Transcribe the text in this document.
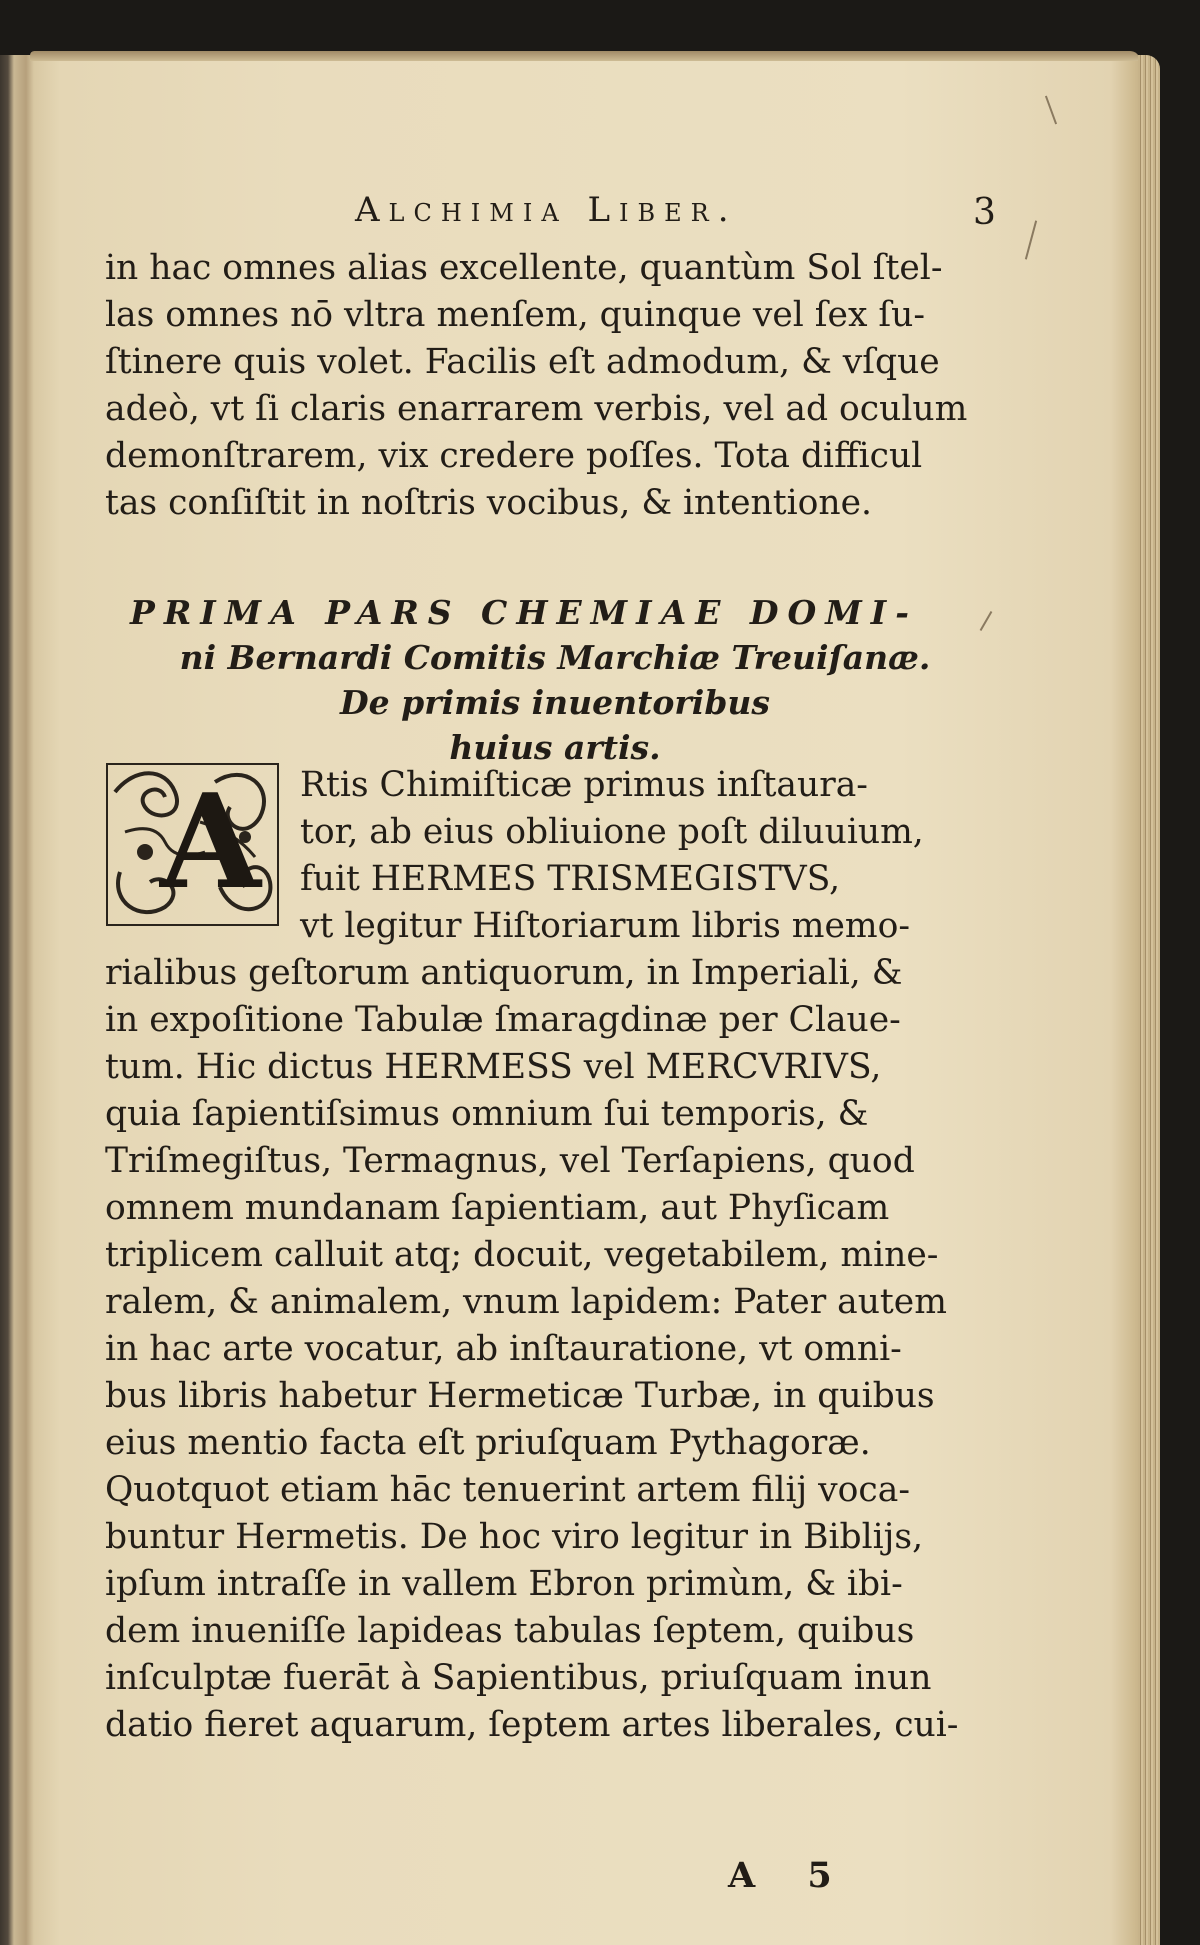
Alchimia Liber.	3
in hac omnes alias excellente, quantùm Sol ſtel-
las omnes nō vltra menſem, quinque vel ſex ſu-
ſtinere quis volet. Facilis eſt admodum, & vſque
adeò, vt ſi claris enarrarem verbis, vel ad oculum
demonſtrarem, vix credere poſſes. Tota difficul
tas conſiſtit in noſtris vocibus, & intentione.
PRIMA PARS CHEMIAE DOMI-
ni Bernardi Comitis Marchiæ Treuiſanæ.
De primis inuentoribus
huius artis.
A	Rtis Chimiſticæ primus inſtaura-
tor, ab eius obliuione poſt diluuium,
fuit HERMES TRISMEGISTVS,
vt legitur Hiſtoriarum libris memo-
rialibus geſtorum antiquorum, in Imperiali, &
in expoſitione Tabulæ ſmaragdinæ per Claue-
tum. Hic dictus HERMESS vel MERCVRIVS,
quia ſapientiſsimus omnium ſui temporis, &
Triſmegiſtus, Termagnus, vel Terſapiens, quod
omnem mundanam ſapientiam, aut Phyſicam
triplicem calluit atq; docuit, vegetabilem, mine-
ralem, & animalem, vnum lapidem: Pater autem
in hac arte vocatur, ab inſtauratione, vt omni-
bus libris habetur Hermeticæ Turbæ, in quibus
eius mentio facta eſt priuſquam Pythagoræ.
Quotquot etiam hāc tenuerint artem filij voca-
buntur Hermetis. De hoc viro legitur in Biblijs,
ipſum intraſſe in vallem Ebron primùm, & ibi-
dem inueniſſe lapideas tabulas ſeptem, quibus
inſculptæ fuerāt à Sapientibus, priuſquam inun
datio fieret aquarum, ſeptem artes liberales, cui-
A 5
